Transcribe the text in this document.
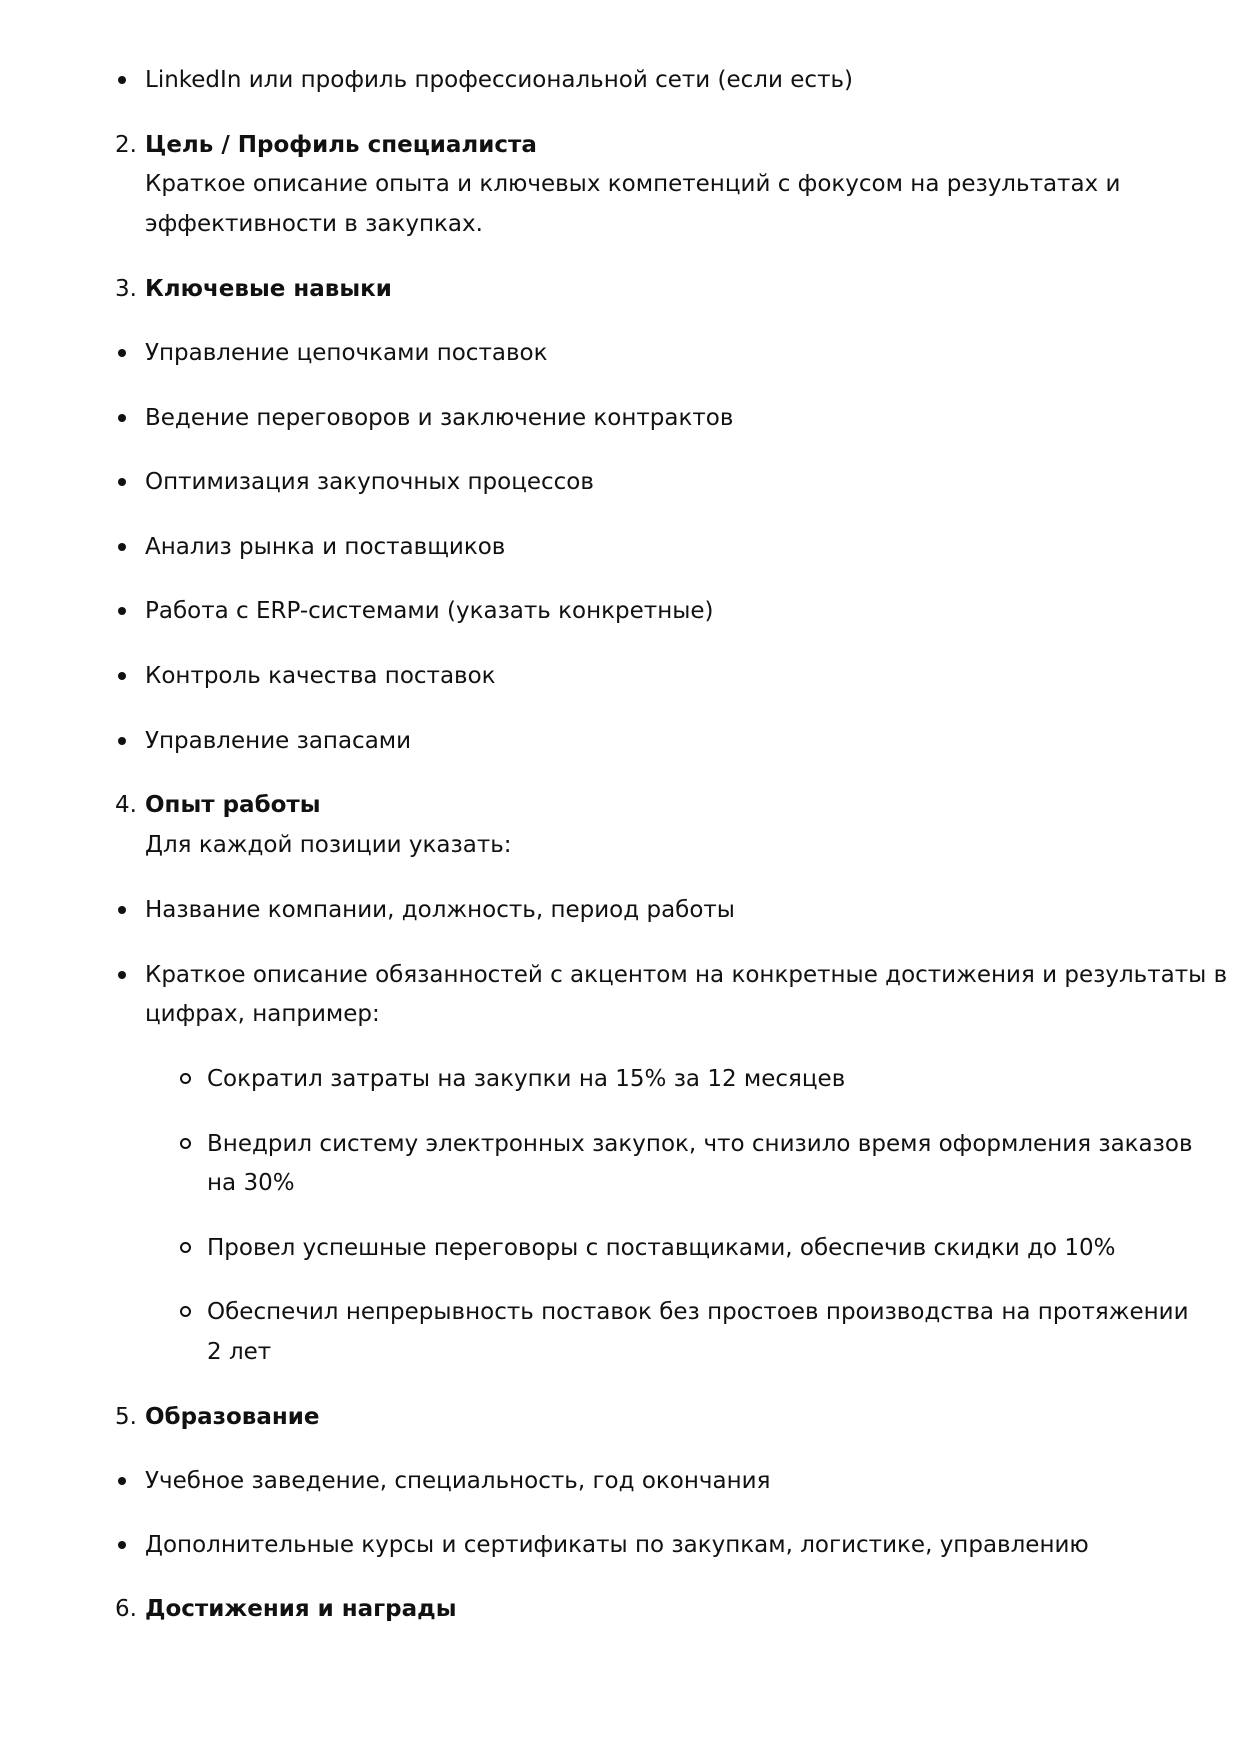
LinkedIn или профиль профессиональной сети (если есть)
2. Цель / Профиль специалиста
Краткое описание опыта и ключевых компетенций с фокусом на результатах и
эффективности в закупках.
3. Ключевые навыки
Управление цепочками поставок
Ведение переговоров и заключение контрактов
Оптимизация закупочных процессов
Анализ рынка и поставщиков
Работа с ERP-системами (указать конкретные)
Контроль качества поставок
Управление запасами
4. Опыт работы
Для каждой позиции указать:
Название компании, должность, период работы
Краткое описание обязанностей с акцентом на конкретные достижения и результаты в
цифрах, например:
Сократил затраты на закупки на 15% за 12 месяцев
Внедрил систему электронных закупок, что снизило время оформления заказов
на 30%
Провел успешные переговоры с поставщиками, обеспечив скидки до 10%
Обеспечил непрерывность поставок без простоев производства на протяжении
2 лет
5. Образование
Учебное заведение, специальность, год окончания
Дополнительные курсы и сертификаты по закупкам, логистике, управлению
6. Достижения и награды
